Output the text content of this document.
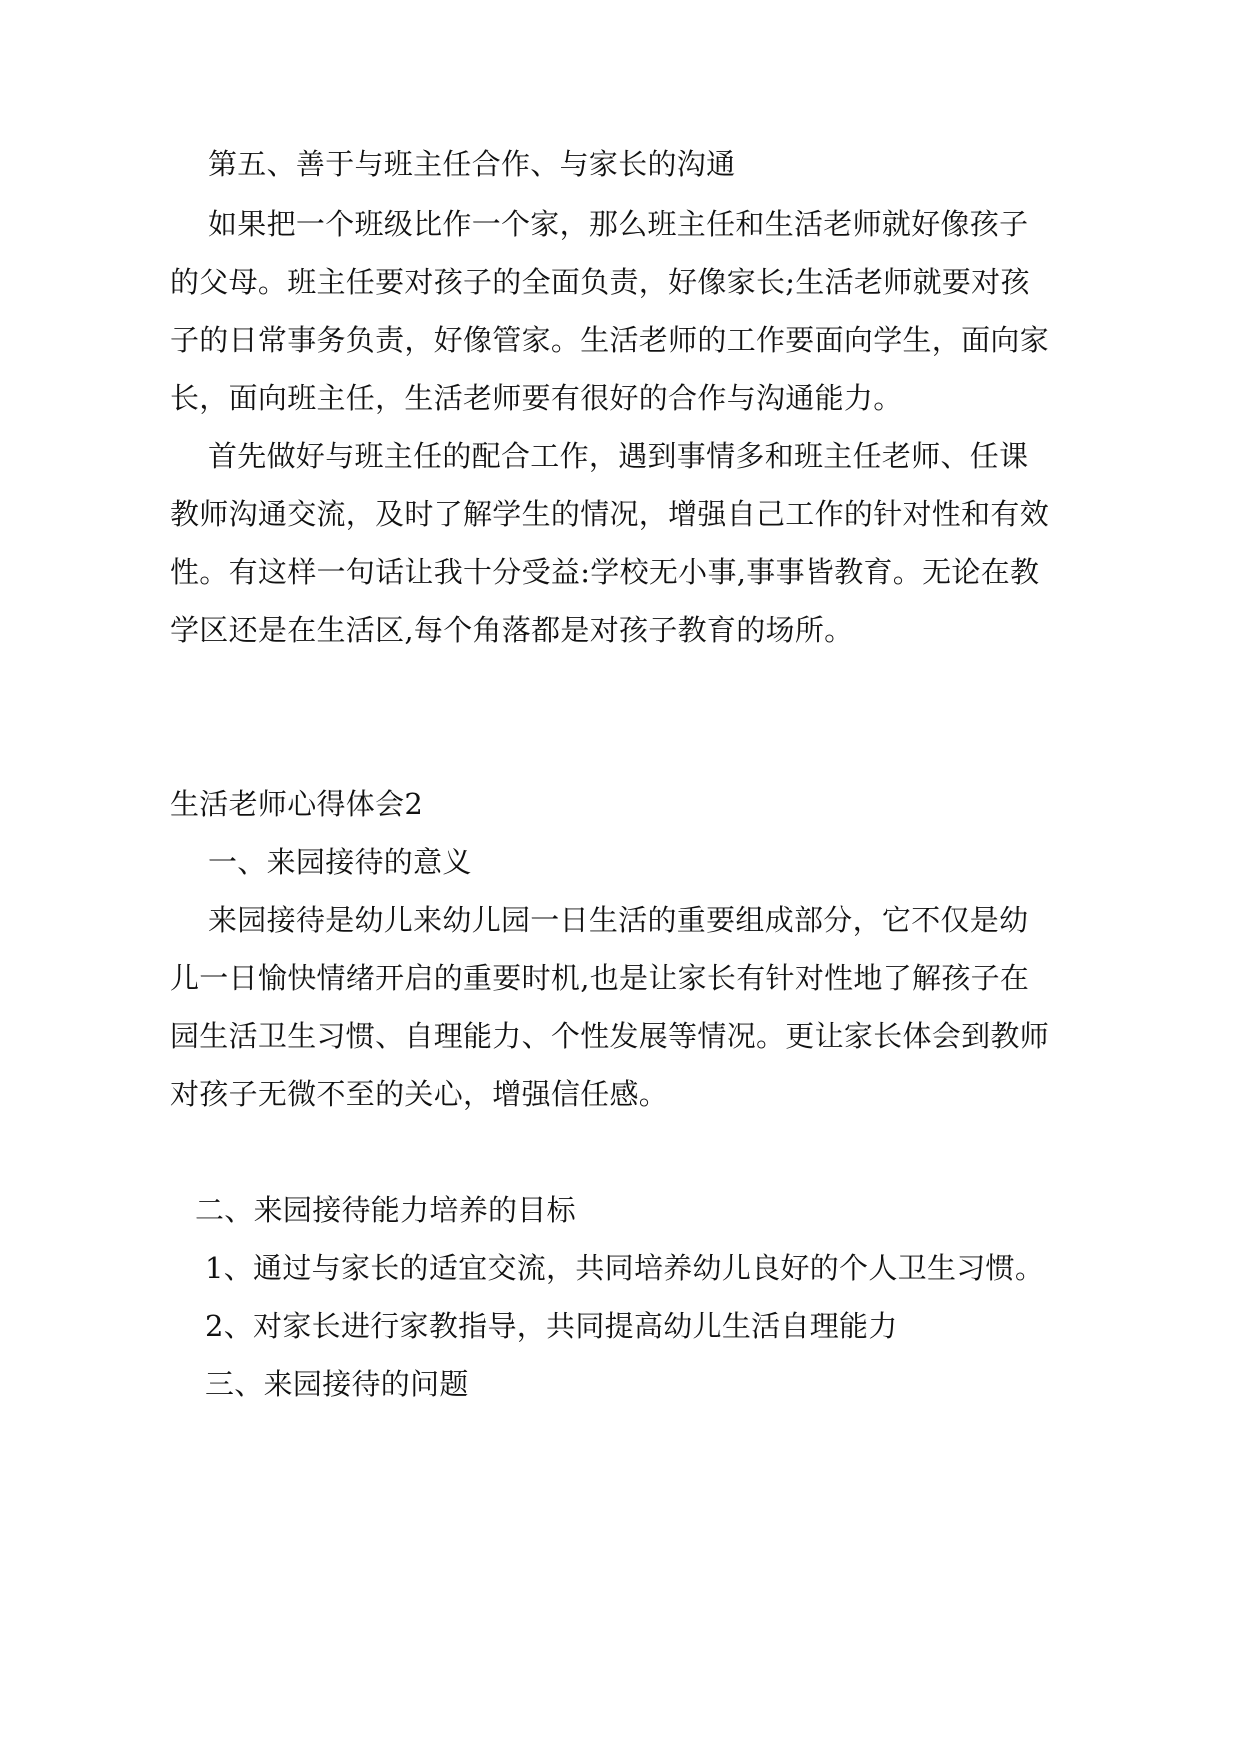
第五、善于与班主任合作、与家长的沟通
如果把一个班级比作一个家，那么班主任和生活老师就好像孩子
的父母。班主任要对孩子的全面负责，好像家长;生活老师就要对孩
子的日常事务负责，好像管家。生活老师的工作要面向学生，面向家
长，面向班主任，生活老师要有很好的合作与沟通能力。
首先做好与班主任的配合工作，遇到事情多和班主任老师、任课
教师沟通交流，及时了解学生的情况，增强自己工作的针对性和有效
性。有这样一句话让我十分受益:学校无小事,事事皆教育。无论在教
学区还是在生活区,每个角落都是对孩子教育的场所。
生活老师心得体会2
一、来园接待的意义
来园接待是幼儿来幼儿园一日生活的重要组成部分，它不仅是幼
儿一日愉快情绪开启的重要时机,也是让家长有针对性地了解孩子在
园生活卫生习惯、自理能力、个性发展等情况。更让家长体会到教师
对孩子无微不至的关心，增强信任感。
二、来园接待能力培养的目标
1、通过与家长的适宜交流，共同培养幼儿良好的个人卫生习惯。
2、对家长进行家教指导，共同提高幼儿生活自理能力
三、来园接待的问题
